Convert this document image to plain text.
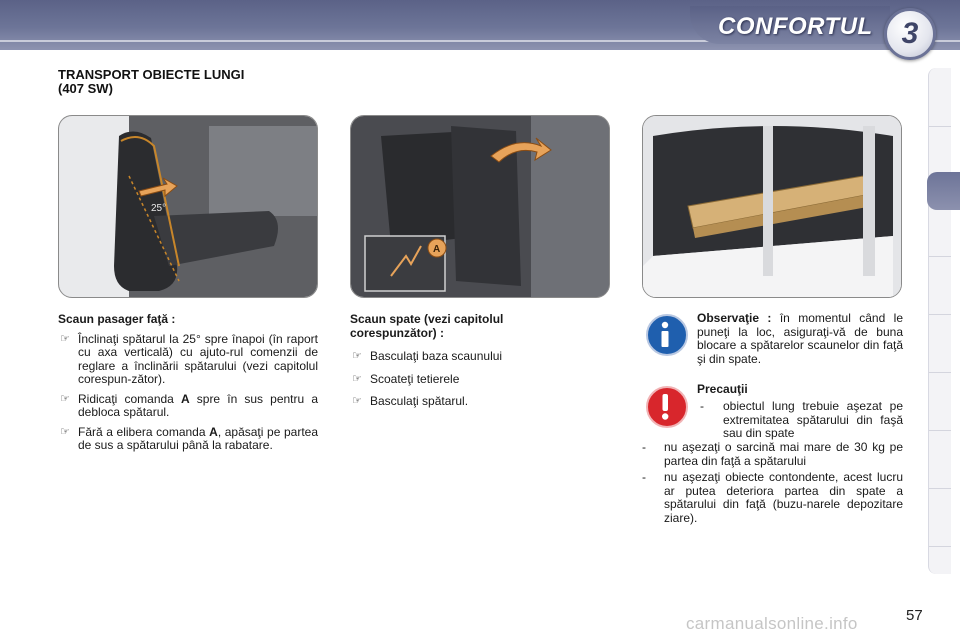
CONFORTUL 3
TRANSPORT OBIECTE LUNGI
(407 SW)
25°
A
Scaun pasager faţă :
☞ Înclinaţi spătarul la 25° spre înapoi (în raport cu axa verticală) cu ajuto-rul comenzii de reglare a înclinării spătarului (vezi capitolul corespun-zător).
☞ Ridicaţi comanda A spre în sus pentru a debloca spătarul.
☞ Fără a elibera comanda A, apăsaţi pe partea de sus a spătarului până la rabatare.
Scaun spate (vezi capitolul corespunzător) :
☞ Basculaţi baza scaunului
☞ Scoateţi tetierele
☞ Basculaţi spătarul.
Observaţie : în momentul când le puneţi la loc, asiguraţi-vă de buna blocare a spătarelor scaunelor din faţă şi din spate.
Precauţii
- obiectul lung trebuie aşezat pe extremitatea spătarului din faşă sau din spate
- nu aşezaţi o sarcină mai mare de 30 kg pe partea din faţă a spătarului
- nu aşezaţi obiecte contondente, acest lucru ar putea deteriora partea din spate a spătarului din faţă (buzu-narele depozitare ziare).
57
carmanualsonline.info
